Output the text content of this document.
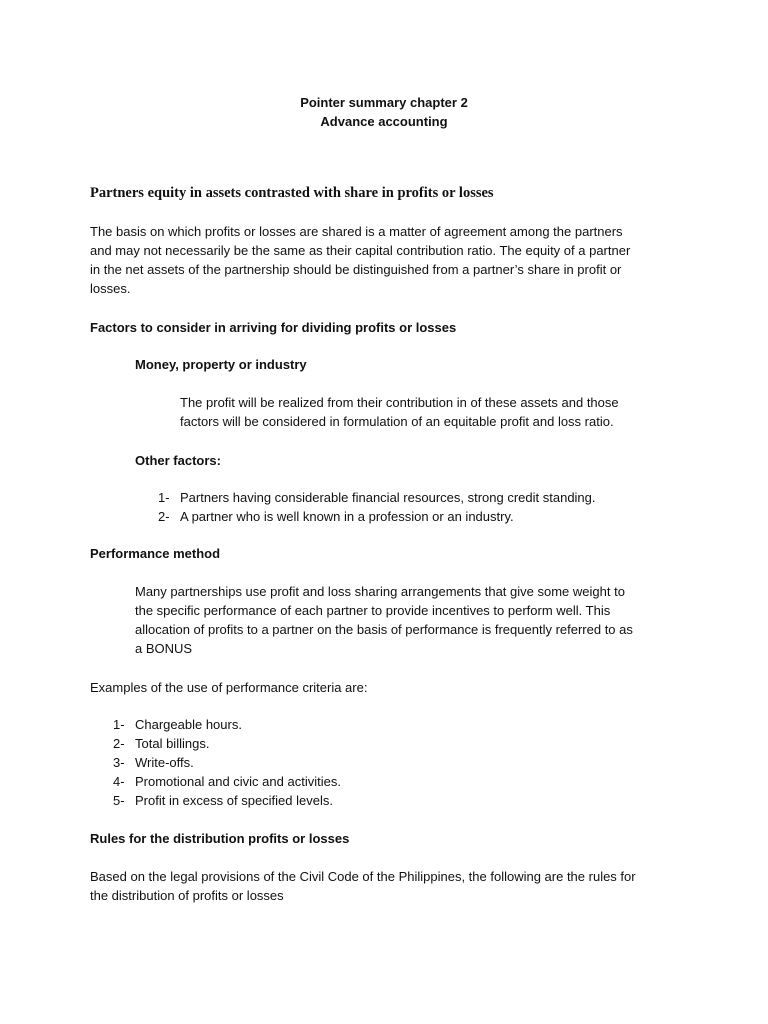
Pointer summary chapter 2
Advance accounting
Partners equity in assets contrasted with share in profits or losses
The basis on which profits or losses are shared is a matter of agreement among the partners
and may not necessarily be the same as their capital contribution ratio. The equity of a partner
in the net assets of the partnership should be distinguished from a partner’s share in profit or
losses.
Factors to consider in arriving for dividing profits or losses
Money, property or industry
The profit will be realized from their contribution in of these assets and those
factors will be considered in formulation of an equitable profit and loss ratio.
Other factors:
1- Partners having considerable financial resources, strong credit standing.

2- A partner who is well known in a profession or an industry.

Performance method
Many partnerships use profit and loss sharing arrangements that give some weight to
the specific performance of each partner to provide incentives to perform well. This
allocation of profits to a partner on the basis of performance is frequently referred to as
a BONUS
Examples of the use of performance criteria are:
1- Chargeable hours.

2- Total billings.

3- Write-offs.

4- Promotional and civic and activities.

5- Profit in excess of specified levels.

Rules for the distribution profits or losses
Based on the legal provisions of the Civil Code of the Philippines, the following are the rules for
the distribution of profits or losses
